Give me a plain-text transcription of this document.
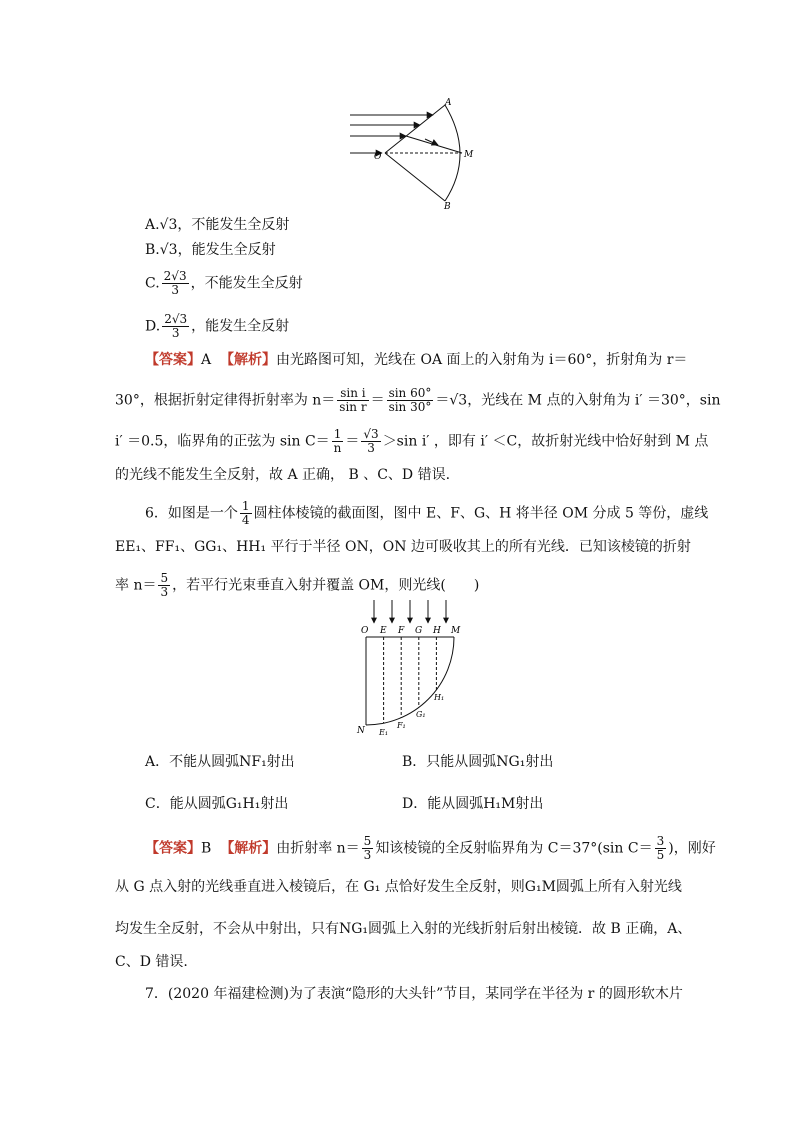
A
O	M
B
A.√3，不能发生全反射
B.√3，能发生全反射
C. $\frac{2√3}{3}$ ，不能发生全反射
D. $\frac{2√3}{3}$ ，能发生全反射
【答案】A 【解析】由光路图可知，光线在 OA 面上的入射角为 i＝60°，折射角为 r＝
30°，根据折射定律得折射率为 $n= \frac{\text{sin i}}{\text{sin r}} = \frac{\sin 60^\circ}{\sin 30^\circ} =√3$，光线在 M 点的入射角为 i′ ＝30°，sin
i′ ＝0.5，临界角的正弦为 $\sin C= \frac{1}{n} = \frac{√3}{3} >\sin$ i′ ，即有 i′ ＜C，故折射光线中恰好射到 M 点
的光线不能发生全反射，故 A 正确， B 、C、D 错误.
6．如图是一个 $\frac{1}{4}$ 圆柱体棱镜的截面图，图中 E、F、G、H 将半径 OM 分成 5 等份，虚线
EE₁、FF₁、GG₁、HH₁ 平行于半径 ON，ON 边可吸收其上的所有光线．已知该棱镜的折射
率 $n= \frac{5}{3}$ ，若平行光束垂直入射并覆盖 OM，则光线(　　)
O E F G H M
N E₁
F₁
G₁
H₁
A．不能从圆弧NF₁射出	B．只能从圆弧NG₁射出
C．能从圆弧G₁H₁射出	D．能从圆弧H₁M射出
【答案】B 【解析】由折射率 $n= \frac{5}{3}$ 知该棱镜的全反射临界角为 C＝37°(sin $C= \frac{3}{5}$ )，刚好
从 G 点入射的光线垂直进入棱镜后，在 G₁ 点恰好发生全反射，则G₁M圆弧上所有入射光线
均发生全反射，不会从中射出，只有NG₁圆弧上入射的光线折射后射出棱镜．故 B 正确，A、
C、D 错误.
7．(2020 年福建检测)为了表演“隐形的大头针”节目，某同学在半径为 r 的圆形软木片
